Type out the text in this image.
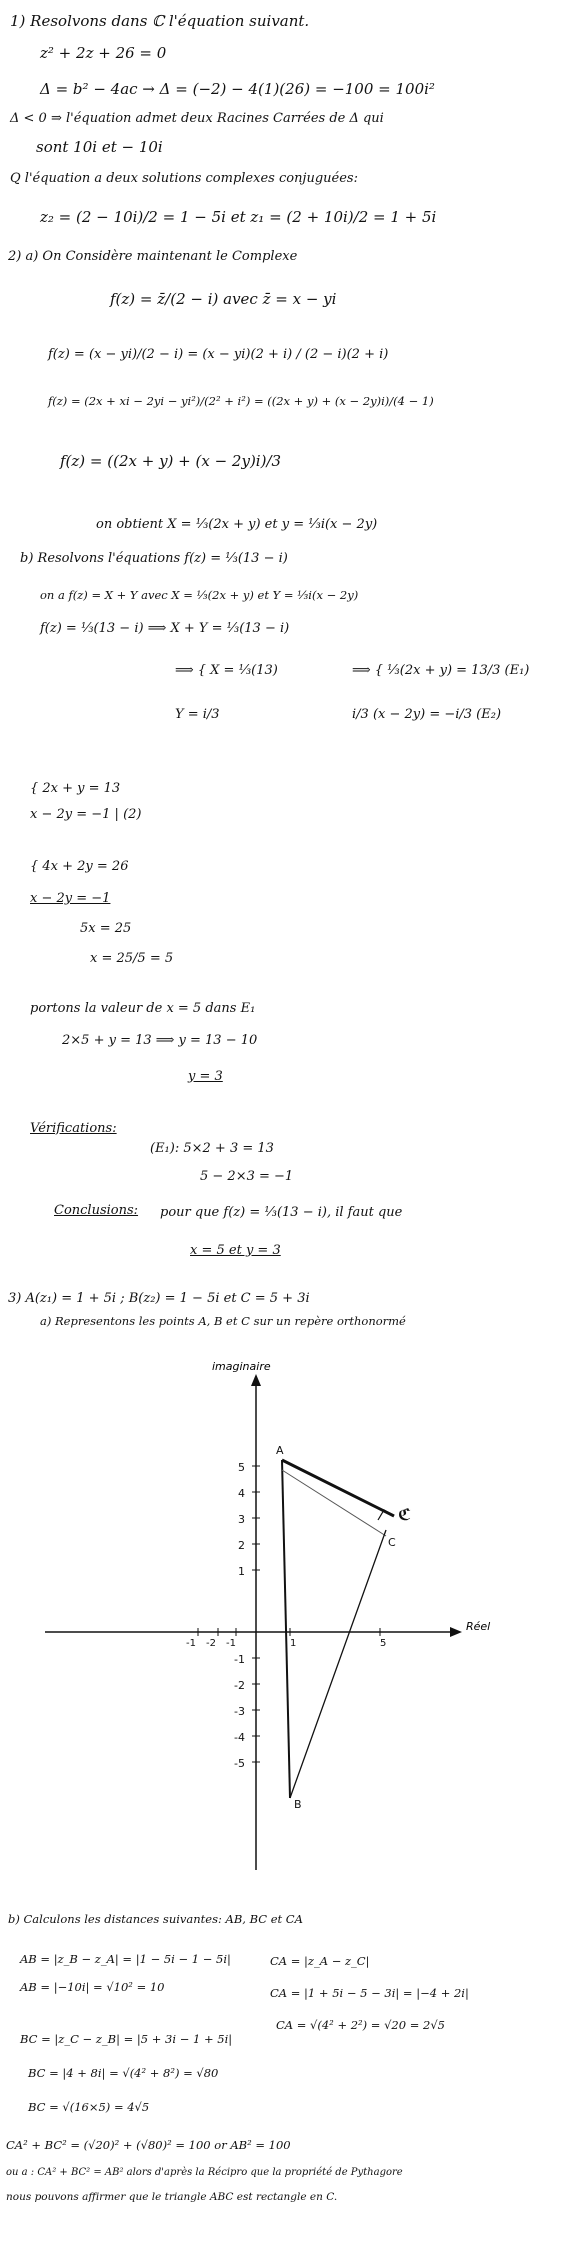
1) Resolvons dans ℂ l'équation suivant.
z² + 2z + 26 = 0
Δ = b² − 4ac → Δ = (−2) − 4(1)(26) = −100 = 100i²
Δ < 0 ⇒ l'équation admet deux Racines Carrées de Δ qui
sont 10i et − 10i
Q l'équation a deux solutions complexes conjuguées:
z₂ = (2 − 10i)/2 = 1 − 5i et z₁ = (2 + 10i)/2 = 1 + 5i
2) a) On Considère maintenant le Complexe
f(z) = z̄/(2 − i) avec z̄ = x − yi
f(z) = (x − yi)/(2 − i) = (x − yi)(2 + i) / (2 − i)(2 + i)
f(z) = (2x + xi − 2yi − yi²)/(2² + i²) = ((2x + y) + (x − 2y)i)/(4 − 1)
f(z) = ((2x + y) + (x − 2y)i)/3
on obtient X = ⅓(2x + y) et y = ⅓i(x − 2y)
b) Resolvons l'équations f(z) = ⅓(13 − i)
on a f(z) = X + Y avec X = ⅓(2x + y) et Y = ⅓i(x − 2y)
f(z) = ⅓(13 − i) ⟹ X + Y = ⅓(13 − i)
⟹ { X = ⅓(13)
Y = i/3
⟹ { ⅓(2x + y) = 13/3 (E₁)
i/3 (x − 2y) = −i/3 (E₂)
{ 2x + y = 13
x − 2y = −1 | (2)
{ 4x + 2y = 26
x − 2y = −1
5x = 25
x = 25/5 = 5
portons la valeur de x = 5 dans E₁
2×5 + y = 13 ⟹ y = 13 − 10
y = 3
Vérifications:
(E₁): 5×2 + 3 = 13
5 − 2×3 = −1
Conclusions: pour que f(z) = ⅓(13 − i), il faut que
x = 5 et y = 3
3) A(z₁) = 1 + 5i ; B(z₂) = 1 − 5i et C = 5 + 3i
a) Representons les points A, B et C sur un repère orthonormé
imaginaire
Réel
5
4
3
2
1
-1
-2
-3
-4
-5
-1 -2 -1	1	5
A
B
C
ℭ
b) Calculons les distances suivantes: AB, BC et CA
AB = |z_B − z_A| = |1 − 5i − 1 − 5i|
AB = |−10i| = √10² = 10
BC = |z_C − z_B| = |5 + 3i − 1 + 5i|
BC = |4 + 8i| = √(4² + 8²) = √80
BC = √(16×5) = 4√5
CA = |z_A − z_C|
CA = |1 + 5i − 5 − 3i| = |−4 + 2i|
CA = √(4² + 2²) = √20 = 2√5
CA² + BC² = (√20)² + (√80)² = 100 or AB² = 100
ou a : CA² + BC² = AB² alors d'après la Récipro que la propriété de Pythagore
nous pouvons affirmer que le triangle ABC est rectangle en C.
